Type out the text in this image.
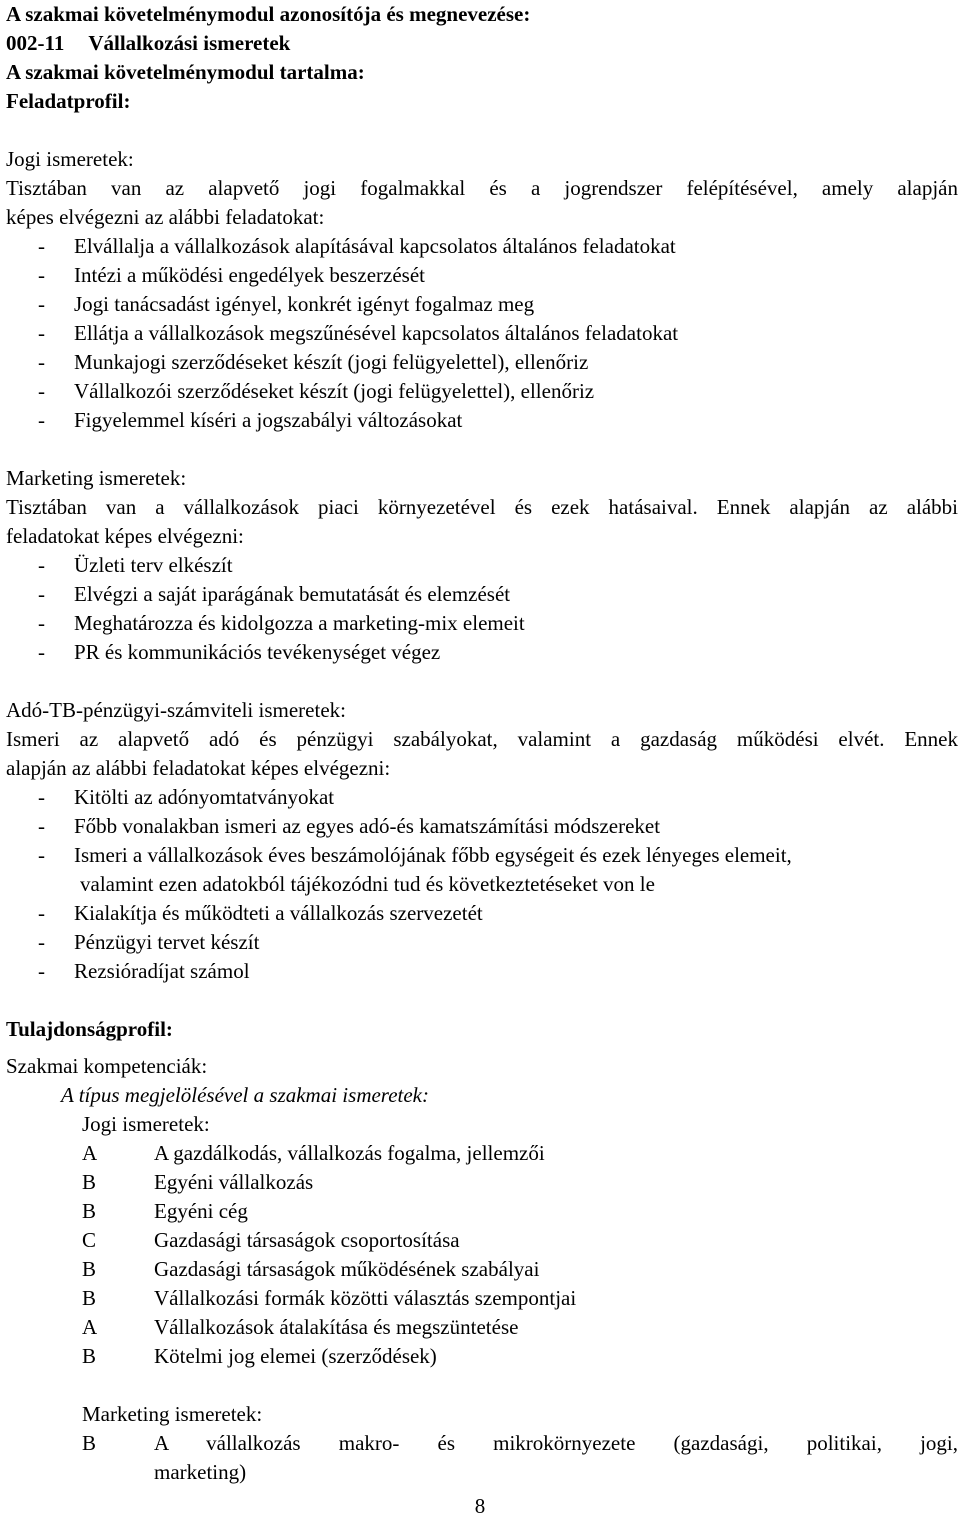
A szakmai követelménymodul azonosítója és megnevezése:
002-11 Vállalkozási ismeretek
A szakmai követelménymodul tartalma:
Feladatprofil:
Jogi ismeretek:
Tisztában van az alapvető jogi fogalmakkal és a jogrendszer felépítésével, amely alapján
képes elvégezni az alábbi feladatokat:
- Elvállalja a vállalkozások alapításával kapcsolatos általános feladatokat
- Intézi a működési engedélyek beszerzését
- Jogi tanácsadást igényel, konkrét igényt fogalmaz meg
- Ellátja a vállalkozások megszűnésével kapcsolatos általános feladatokat
- Munkajogi szerződéseket készít (jogi felügyelettel), ellenőriz
- Vállalkozói szerződéseket készít (jogi felügyelettel), ellenőriz
- Figyelemmel kíséri a jogszabályi változásokat
Marketing ismeretek:
Tisztában van a vállalkozások piaci környezetével és ezek hatásaival. Ennek alapján az alábbi
feladatokat képes elvégezni:
- Üzleti terv elkészít
- Elvégzi a saját iparágának bemutatását és elemzését
- Meghatározza és kidolgozza a marketing-mix elemeit
- PR és kommunikációs tevékenységet végez
Adó-TB-pénzügyi-számviteli ismeretek:
Ismeri az alapvető adó és pénzügyi szabályokat, valamint a gazdaság működési elvét. Ennek
alapján az alábbi feladatokat képes elvégezni:
- Kitölti az adónyomtatványokat
- Főbb vonalakban ismeri az egyes adó-és kamatszámítási módszereket
- Ismeri a vállalkozások éves beszámolójának főbb egységeit és ezek lényeges elemeit,
valamint ezen adatokból tájékozódni tud és következtetéseket von le
- Kialakítja és működteti a vállalkozás szervezetét
- Pénzügyi tervet készít
- Rezsióradíjat számol
Tulajdonságprofil:
Szakmai kompetenciák:
A típus megjelölésével a szakmai ismeretek:
Jogi ismeretek:
A	A gazdálkodás, vállalkozás fogalma, jellemzői
B	Egyéni vállalkozás
B	Egyéni cég
C	Gazdasági társaságok csoportosítása
B	Gazdasági társaságok működésének szabályai
B	Vállalkozási formák közötti választás szempontjai
A	Vállalkozások átalakítása és megszüntetése
B	Kötelmi jog elemei (szerződések)
Marketing ismeretek:
B	A vállalkozás makro- és mikrokörnyezete (gazdasági, politikai, jogi,
marketing)
8
